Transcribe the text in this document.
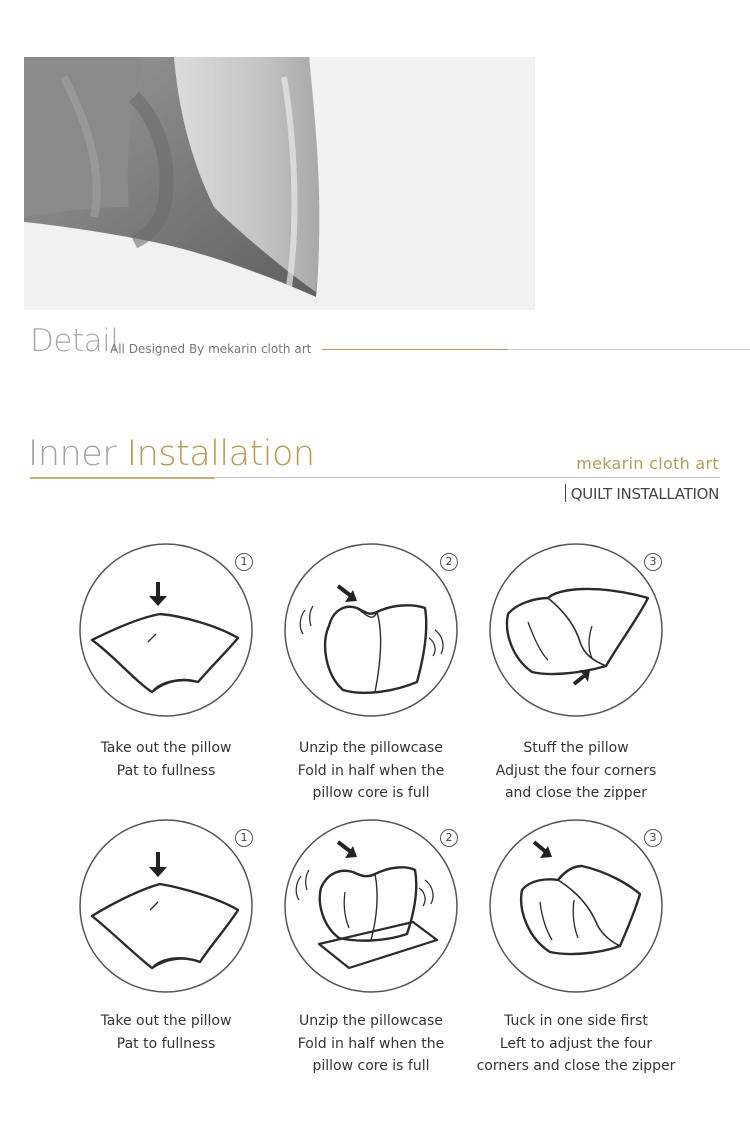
Detail
All Designed By mekarin cloth art
Inner Installation	mekarin cloth art
QUILT INSTALLATION
1	2	3
Take out the pillow
Pat to fullness
Unzip the pillowcase
Fold in half when the
pillow core is full
Stuff the pillow
Adjust the four corners
and close the zipper
1	2	3
Take out the pillow
Pat to fullness
Unzip the pillowcase
Fold in half when the
pillow core is full
Tuck in one side first
Left to adjust the four
corners and close the zipper
